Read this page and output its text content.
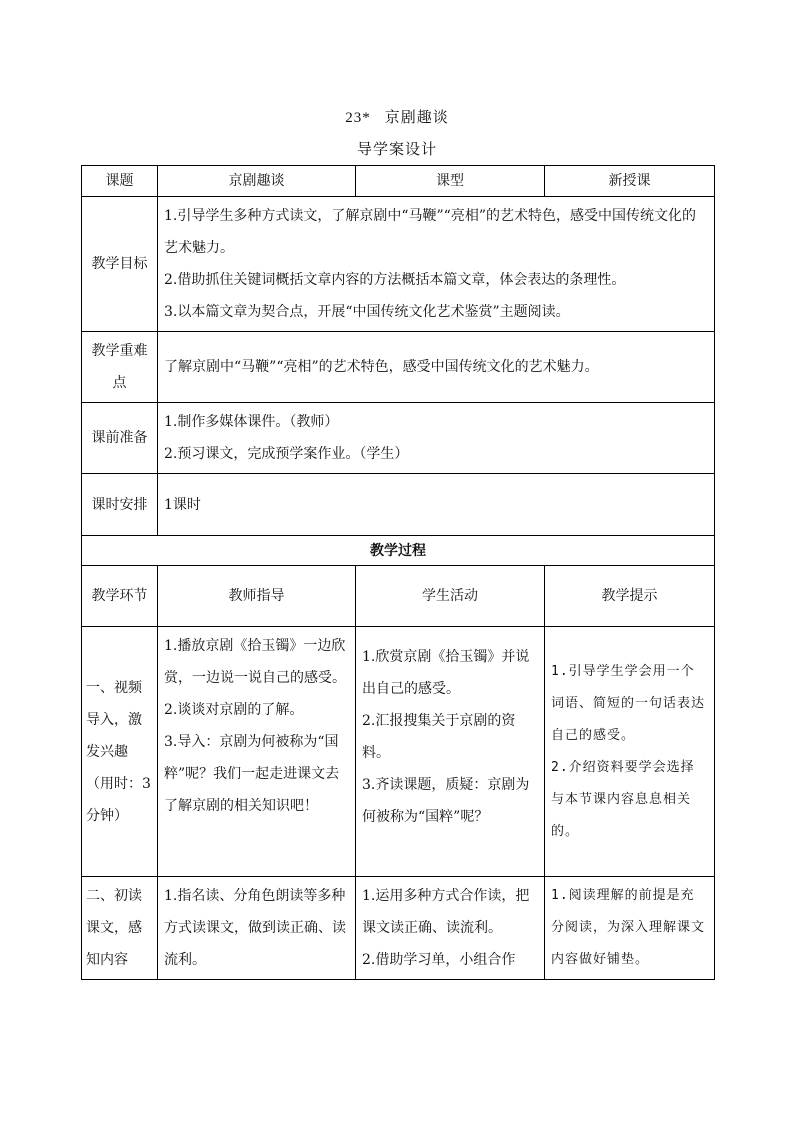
23* 京剧趣谈
导学案设计
课题	京剧趣谈	课型	新授课
教学目标	1.引导学生多种方式读文，了解京剧中“马鞭”“亮相”的艺术特色，感受中国传统文化的艺术魅力。
2.借助抓住关键词概括文章内容的方法概括本篇文章，体会表达的条理性。
3.以本篇文章为契合点，开展“中国传统文化艺术鉴赏”主题阅读。		

教学重难点	了解京剧中“马鞭”“亮相”的艺术特色，感受中国传统文化的艺术魅力。		
课前准备	1.制作多媒体课件。（教师）
2.预习课文，完成预学案作业。（学生）		

课时安排	1课时		
教学过程			
教学环节	教师指导	学生活动	教学提示

一、视频
导入，激
发兴趣
（用时：3
分钟）	1.播放京剧《拾玉镯》一边欣赏，一边说一说自己的感受。
2.谈谈对京剧的了解。
3.导入：京剧为何被称为“国粹”呢？我们一起走进课文去了解京剧的相关知识吧！	1.欣赏京剧《拾玉镯》并说出自己的感受。
2.汇报搜集关于京剧的资料。
3.齐读课题，质疑：京剧为何被称为“国粹”呢？	1.引导学生学会用一个词语、简短的一句话表达自己的感受。
2.介绍资料要学会选择与本节课内容息息相关的。

二、初读
课文，感
知内容	1.指名读、分角色朗读等多种方式读课文，做到读正确、读流利。	1.运用多种方式合作读，把课文读正确、读流利。
2.借助学习单，小组合作	1.阅读理解的前提是充分阅读，为深入理解课文内容做好铺垫。
